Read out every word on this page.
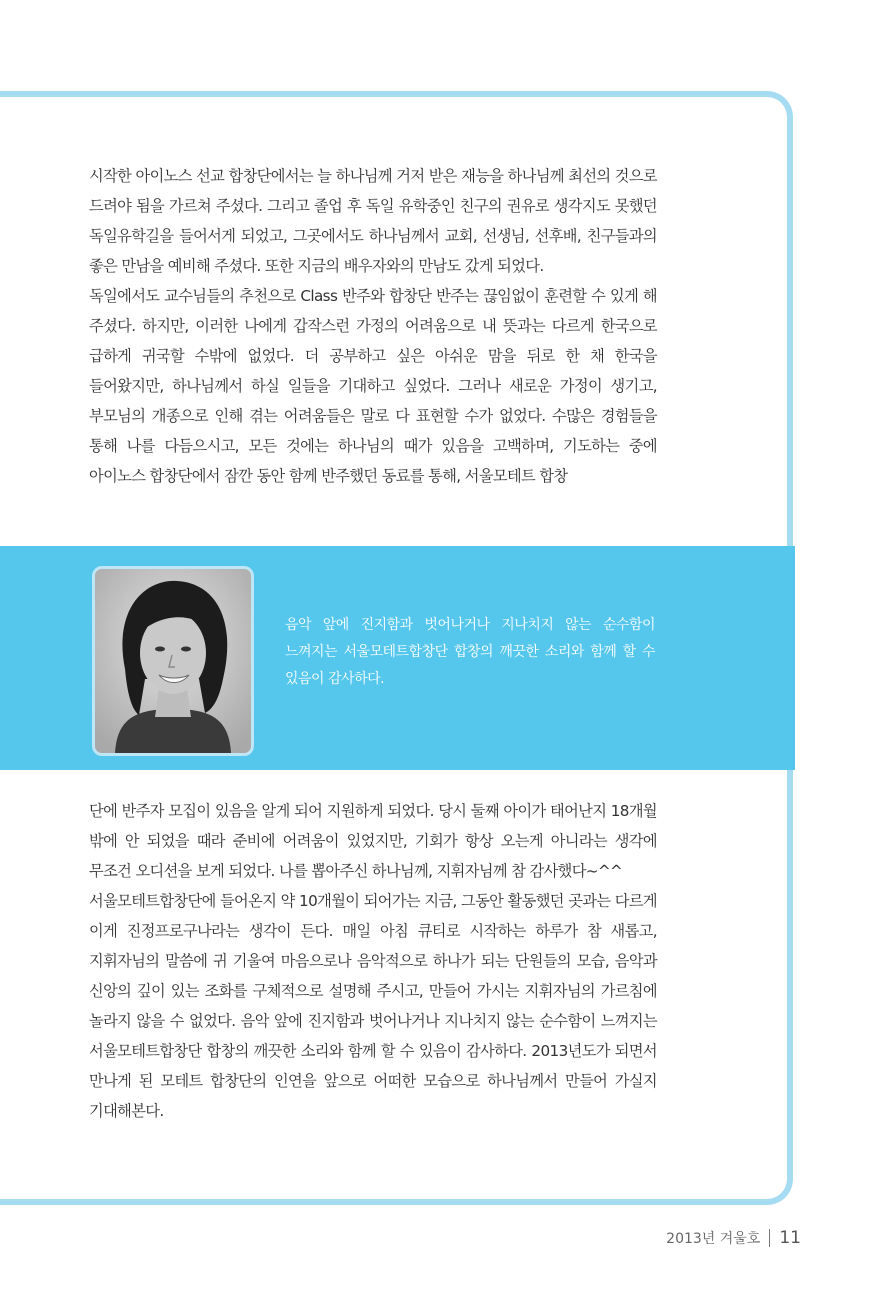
시작한 아이노스 선교 합창단에서는 늘 하나님께 거저 받은 재능을 하나님께 최선의 것으로 드려야 됨을 가르쳐 주셨다. 그리고 졸업 후 독일 유학중인 친구의 권유로 생각지도 못했던 독일유학길을 들어서게 되었고, 그곳에서도 하나님께서 교회, 선생님, 선후배, 친구들과의 좋은 만남을 예비해 주셨다. 또한 지금의 배우자와의 만남도 갔게 되었다.

독일에서도 교수님들의 추천으로 Class 반주와 합창단 반주는 끊임없이 훈련할 수 있게 해 주셨다. 하지만, 이러한 나에게 갑작스런 가정의 어려움으로 내 뜻과는 다르게 한국으로 급하게 귀국할 수밖에 없었다. 더 공부하고 싶은 아쉬운 맘을 뒤로 한 채 한국을 들어왔지만, 하나님께서 하실 일들을 기대하고 싶었다. 그러나 새로운 가정이 생기고, 부모님의 개종으로 인해 겪는 어려움들은 말로 다 표현할 수가 없었다. 수많은 경험들을 통해 나를 다듬으시고, 모든 것에는 하나님의 때가 있음을 고백하며, 기도하는 중에 아이노스 합창단에서 잠깐 동안 함께 반주했던 동료를 통해, 서울모테트 합창

음악 앞에 진지함과 벗어나거나 지나치지 않는 순수함이 느껴지는 서울모테트합창단 합창의 깨끗한 소리와 함께 할 수 있음이 감사하다.

단에 반주자 모집이 있음을 알게 되어 지원하게 되었다. 당시 둘째 아이가 태어난지 18개월 밖에 안 되었을 때라 준비에 어려움이 있었지만, 기회가 항상 오는게 아니라는 생각에 무조건 오디션을 보게 되었다. 나를 뽑아주신 하나님께, 지휘자님께 참 감사했다~^^

서울모테트합창단에 들어온지 약 10개월이 되어가는 지금, 그동안 활동했던 곳과는 다르게 이게 진정프로구나라는 생각이 든다. 매일 아침 큐티로 시작하는 하루가 참 새롭고, 지휘자님의 말씀에 귀 기울여 마음으로나 음악적으로 하나가 되는 단원들의 모습, 음악과 신앙의 깊이 있는 조화를 구체적으로 설명해 주시고, 만들어 가시는 지휘자님의 가르침에 놀라지 않을 수 없었다. 음악 앞에 진지함과 벗어나거나 지나치지 않는 순수함이 느껴지는 서울모테트합창단 합창의 깨끗한 소리와 함께 할 수 있음이 감사하다. 2013년도가 되면서 만나게 된 모테트 합창단의 인연을 앞으로 어떠한 모습으로 하나님께서 만들어 가실지 기대해본다.

2013년 겨울호 11
